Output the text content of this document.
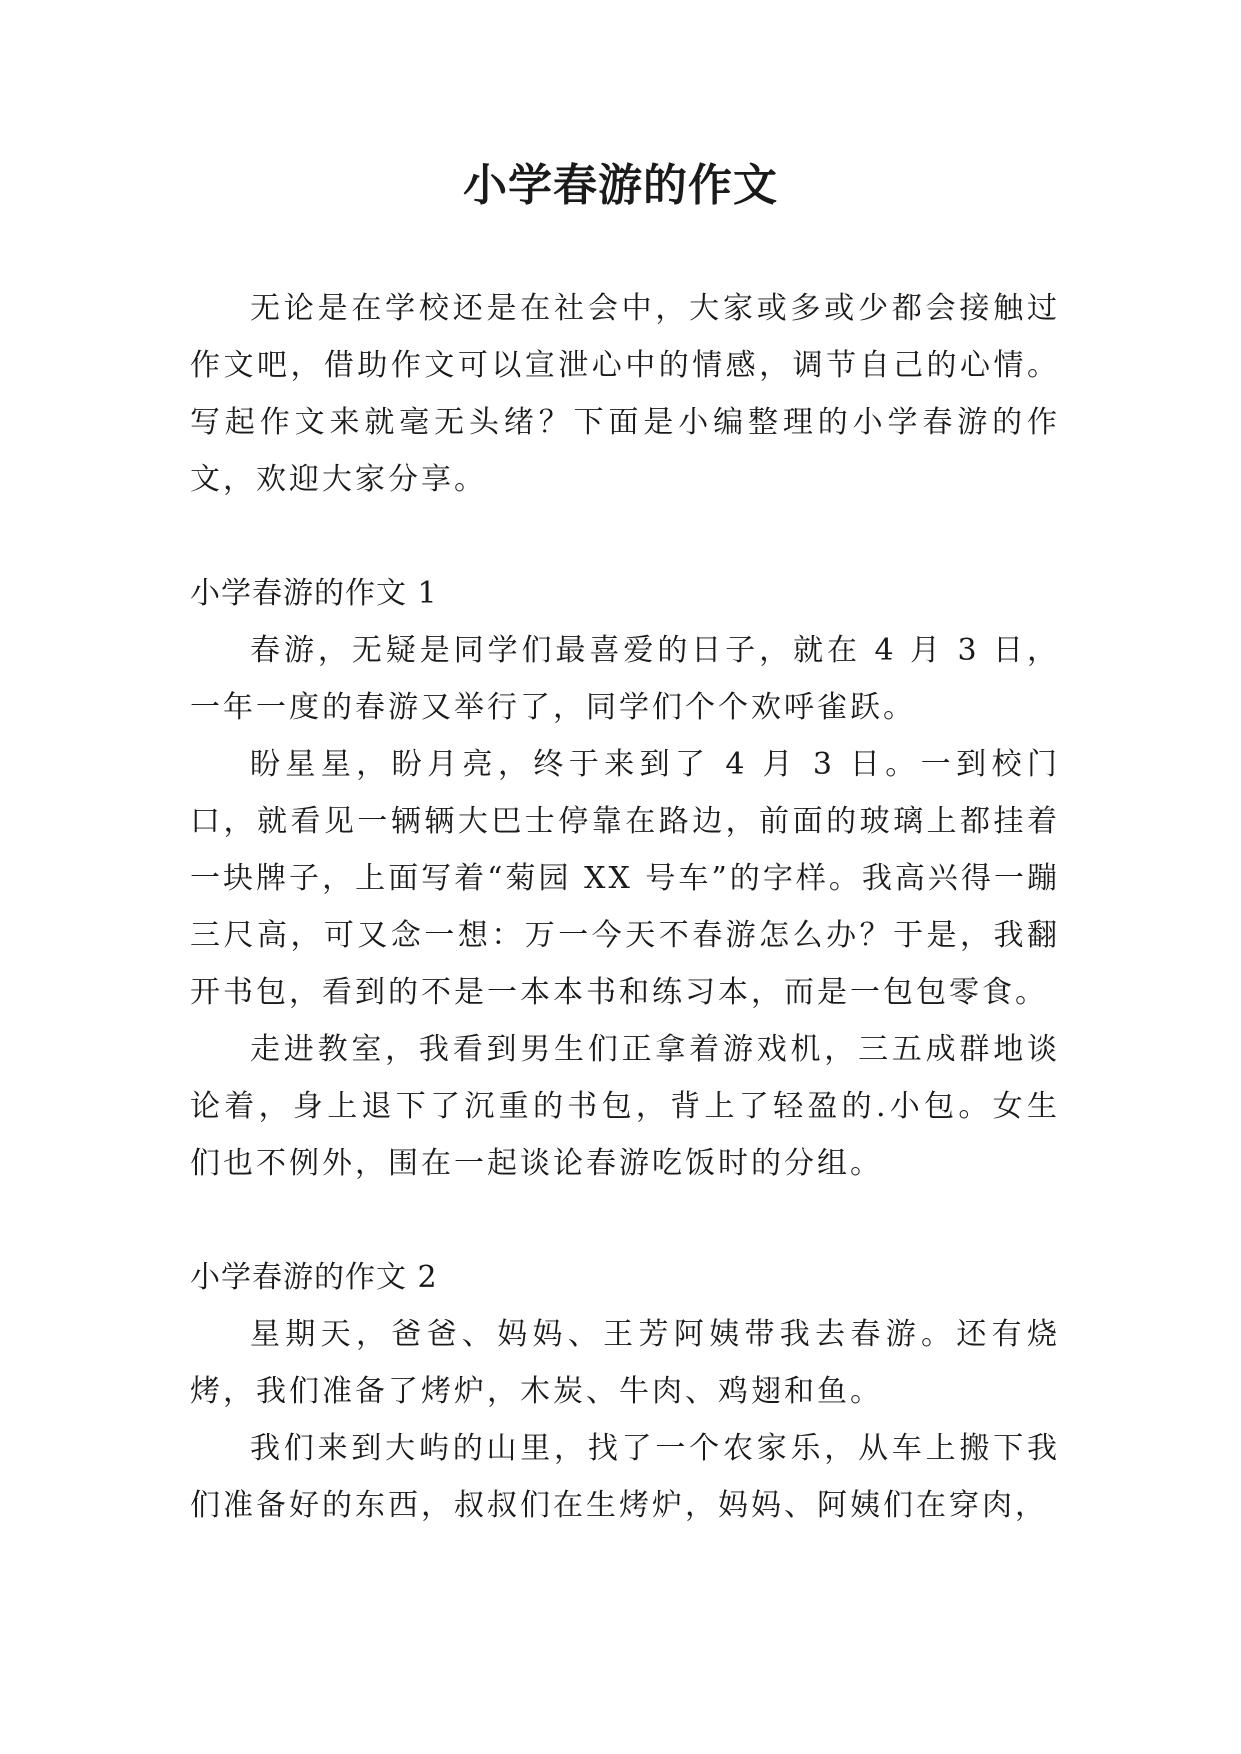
小学春游的作文

无论是在学校还是在社会中，大家或多或少都会接触过作文吧，借助作文可以宣泄心中的情感，调节自己的心情。写起作文来就毫无头绪？下面是小编整理的小学春游的作文，欢迎大家分享。

小学春游的作文 1

春游，无疑是同学们最喜爱的日子，就在 4 月 3 日，一年一度的春游又举行了，同学们个个欢呼雀跃。

盼星星，盼月亮，终于来到了 4 月 3 日。一到校门口，就看见一辆辆大巴士停靠在路边，前面的玻璃上都挂着一块牌子，上面写着“菊园 XX 号车”的字样。我高兴得一蹦三尺高，可又念一想：万一今天不春游怎么办？于是，我翻开书包，看到的不是一本本书和练习本，而是一包包零食。

走进教室，我看到男生们正拿着游戏机，三五成群地谈论着，身上退下了沉重的书包，背上了轻盈的.小包。女生们也不例外，围在一起谈论春游吃饭时的分组。

小学春游的作文 2

星期天，爸爸、妈妈、王芳阿姨带我去春游。还有烧烤，我们准备了烤炉，木炭、牛肉、鸡翅和鱼。

我们来到大屿的山里，找了一个农家乐，从车上搬下我们准备好的东西，叔叔们在生烤炉，妈妈、阿姨们在穿肉，
